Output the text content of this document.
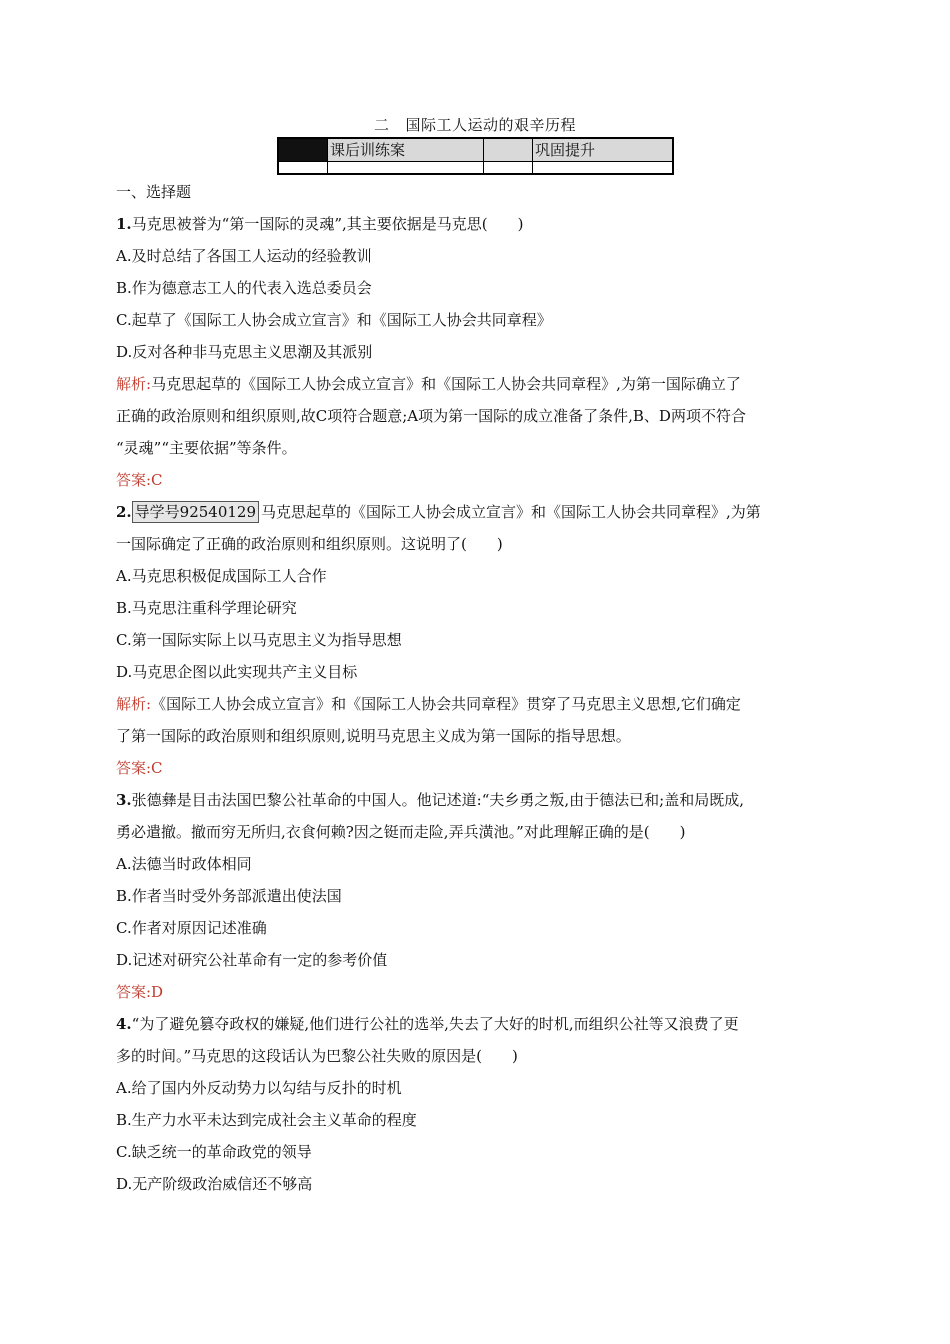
二 国际工人运动的艰辛历程
	课后训练案		巩固提升

一、选择题
1.马克思被誉为“第一国际的灵魂”,其主要依据是马克思(　　)
A.及时总结了各国工人运动的经验教训
B.作为德意志工人的代表入选总委员会
C.起草了《国际工人协会成立宣言》和《国际工人协会共同章程》
D.反对各种非马克思主义思潮及其派别
解析:马克思起草的《国际工人协会成立宣言》和《国际工人协会共同章程》,为第一国际确立了
正确的政治原则和组织原则,故C项符合题意;A项为第一国际的成立准备了条件,B、D两项不符合
“灵魂”“主要依据”等条件。
答案:C
2. 导学号92540129 马克思起草的《国际工人协会成立宣言》和《国际工人协会共同章程》,为第
一国际确定了正确的政治原则和组织原则。这说明了(　　)
A.马克思积极促成国际工人合作
B.马克思注重科学理论研究
C.第一国际实际上以马克思主义为指导思想
D.马克思企图以此实现共产主义目标
解析:《国际工人协会成立宣言》和《国际工人协会共同章程》贯穿了马克思主义思想,它们确定
了第一国际的政治原则和组织原则,说明马克思主义成为第一国际的指导思想。
答案:C
3.张德彝是目击法国巴黎公社革命的中国人。他记述道:“夫乡勇之叛,由于德法已和;盖和局既成,
勇必遣撤。撤而穷无所归,衣食何赖?因之铤而走险,弄兵潢池。”对此理解正确的是(　　)
A.法德当时政体相同
B.作者当时受外务部派遣出使法国
C.作者对原因记述准确
D.记述对研究公社革命有一定的参考价值
答案:D
4.“为了避免篡夺政权的嫌疑,他们进行公社的选举,失去了大好的时机,而组织公社等又浪费了更
多的时间。”马克思的这段话认为巴黎公社失败的原因是(　　)
A.给了国内外反动势力以勾结与反扑的时机
B.生产力水平未达到完成社会主义革命的程度
C.缺乏统一的革命政党的领导
D.无产阶级政治威信还不够高
